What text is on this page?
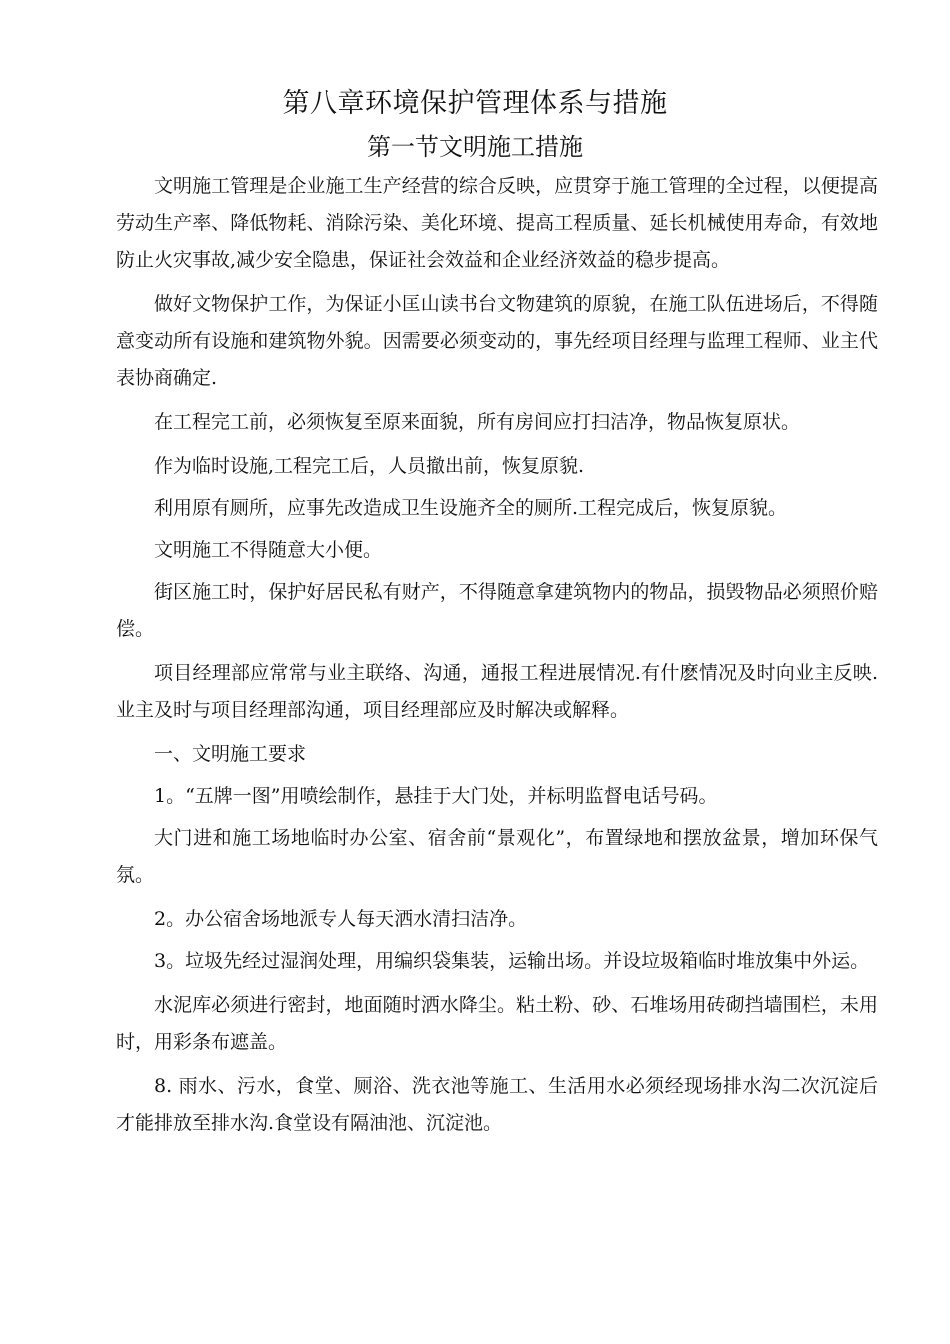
第八章环境保护管理体系与措施
第一节文明施工措施

文明施工管理是企业施工生产经营的综合反映，应贯穿于施工管理的全过程，以便提高劳动生产率、降低物耗、消除污染、美化环境、提高工程质量、延长机械使用寿命，有效地防止火灾事故,减少安全隐患，保证社会效益和企业经济效益的稳步提高。

做好文物保护工作，为保证小匡山读书台文物建筑的原貌，在施工队伍进场后，不得随意变动所有设施和建筑物外貌。因需要必须变动的，事先经项目经理与监理工程师、业主代表协商确定.

在工程完工前，必须恢复至原来面貌，所有房间应打扫洁净，物品恢复原状。

作为临时设施,工程完工后，人员撤出前，恢复原貌.

利用原有厕所，应事先改造成卫生设施齐全的厕所.工程完成后，恢复原貌。

文明施工不得随意大小便。

街区施工时，保护好居民私有财产，不得随意拿建筑物内的物品，损毁物品必须照价赔偿。

项目经理部应常常与业主联络、沟通，通报工程进展情况.有什麽情况及时向业主反映.业主及时与项目经理部沟通，项目经理部应及时解决或解释。

一、文明施工要求

1。“五牌一图”用喷绘制作，悬挂于大门处，并标明监督电话号码。

大门进和施工场地临时办公室、宿舍前“景观化”，布置绿地和摆放盆景，增加环保气氛。

2。办公宿舍场地派专人每天洒水清扫洁净。

3。垃圾先经过湿润处理，用编织袋集装，运输出场。并设垃圾箱临时堆放集中外运。

水泥库必须进行密封，地面随时洒水降尘。粘土粉、砂、石堆场用砖砌挡墙围栏，未用时，用彩条布遮盖。

8. 雨水、污水，食堂、厕浴、洗衣池等施工、生活用水必须经现场排水沟二次沉淀后才能排放至排水沟.食堂设有隔油池、沉淀池。
